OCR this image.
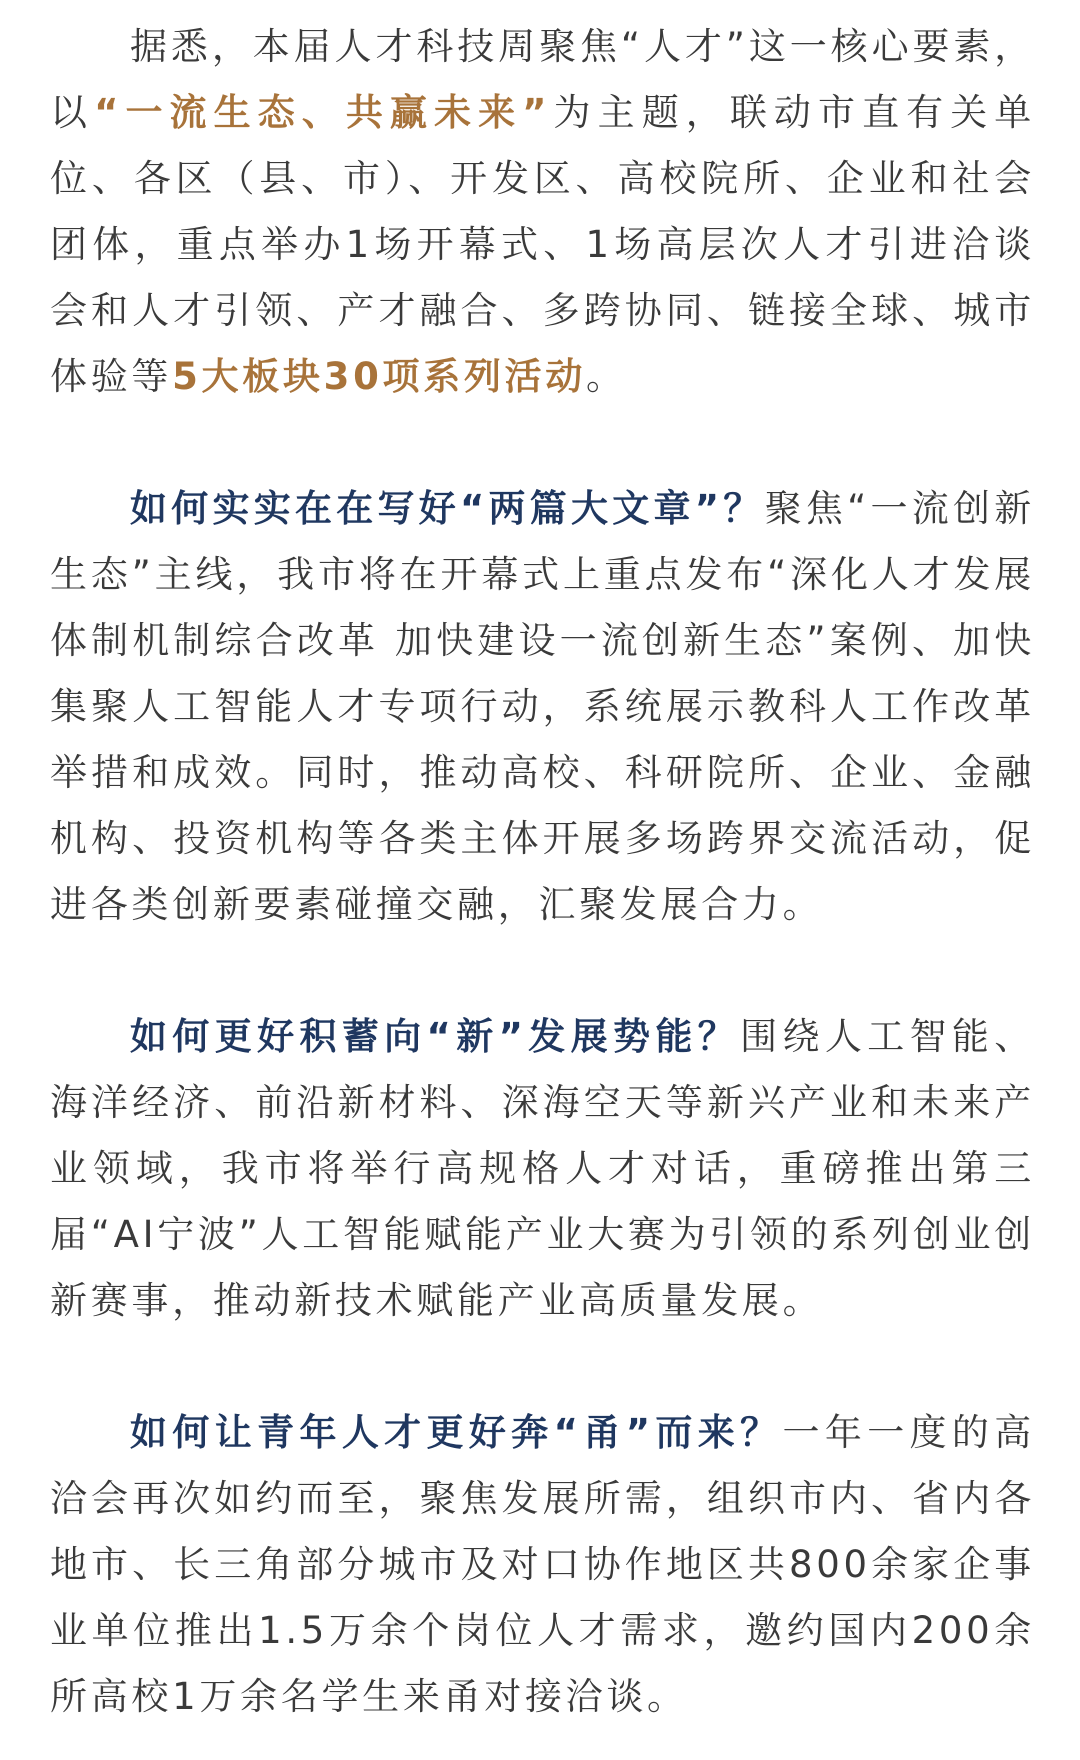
据悉，本届人才科技周聚焦“人才”这一核心要素，以“一流生态、共赢未来”为主题，联动市直有关单位、各区（县、市）、开发区、高校院所、企业和社会团体，重点举办1场开幕式、1场高层次人才引进洽谈会和人才引领、产才融合、多跨协同、链接全球、城市体验等5大板块30项系列活动。

如何实实在在写好“两篇大文章”？聚焦“一流创新生态”主线，我市将在开幕式上重点发布“深化人才发展体制机制综合改革 加快建设一流创新生态”案例、加快集聚人工智能人才专项行动，系统展示教科人工作改革举措和成效。同时，推动高校、科研院所、企业、金融机构、投资机构等各类主体开展多场跨界交流活动，促进各类创新要素碰撞交融，汇聚发展合力。

如何更好积蓄向“新”发展势能？围绕人工智能、海洋经济、前沿新材料、深海空天等新兴产业和未来产业领域，我市将举行高规格人才对话，重磅推出第三届“AI宁波”人工智能赋能产业大赛为引领的系列创业创新赛事，推动新技术赋能产业高质量发展。

如何让青年人才更好奔“甬”而来？一年一度的高洽会再次如约而至，聚焦发展所需，组织市内、省内各地市、长三角部分城市及对口协作地区共800余家企事业单位推出1.5万余个岗位人才需求，邀约国内200余所高校1万余名学生来甬对接洽谈。
